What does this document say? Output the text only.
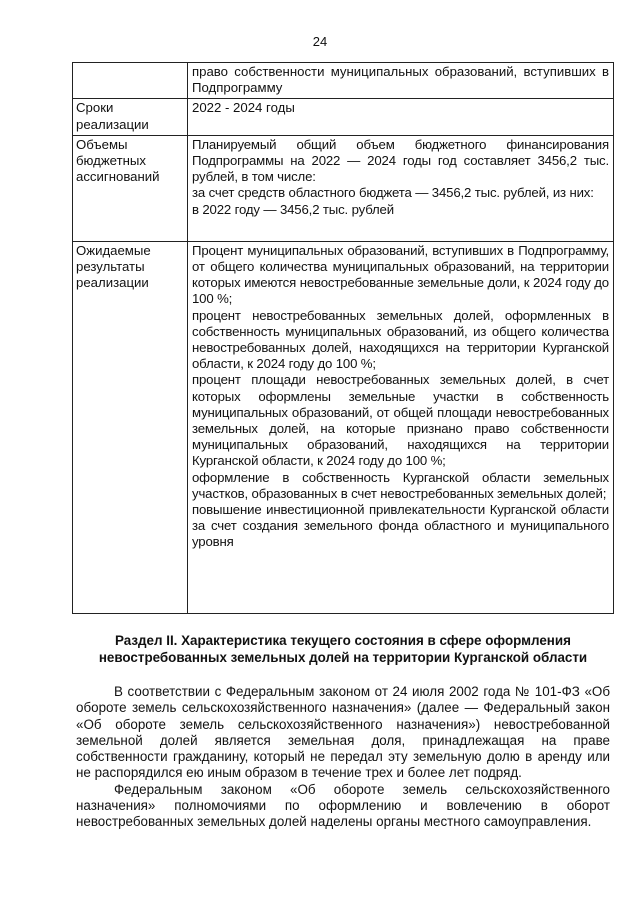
24

	право собственности муниципальных образований, вступивших в Подпрограмму

Сроки реализации	2022 - 2024 годы

Объемы бюджетных ассигнований	Планируемый общий объем бюджетного финансирования Подпрограммы на 2022 — 2024 годы год составляет 3456,2 тыс. рублей, в том числе:
за счет средств областного бюджета — 3456,2 тыс. рублей, из них:
в 2022 году — 3456,2 тыс. рублей

Ожидаемые результаты реализации	Процент муниципальных образований, вступивших в Подпрограмму, от общего количества муниципальных образований, на территории которых имеются невостребованные земельные доли, к 2024 году до 100 %;
процент невостребованных земельных долей, оформленных в собственность муниципальных образований, из общего количества невостребованных долей, находящихся на территории Курганской области, к 2024 году до 100 %;
процент площади невостребованных земельных долей, в счет которых оформлены земельные участки в собственность муниципальных образований, от общей площади невостребованных земельных долей, на которые признано право собственности муниципальных образований, находящихся на территории Курганской области, к 2024 году до 100 %;
оформление в собственность Курганской области земельных участков, образованных в счет невостребованных земельных долей;
повышение инвестиционной привлекательности Курганской области за счет создания земельного фонда областного и муниципального уровня
Раздел II. Характеристика текущего состояния в сфере оформления
невостребованных земельных долей на территории Курганской области

В соответствии с Федеральным законом от 24 июля 2002 года № 101-ФЗ «Об обороте земель сельскохозяйственного назначения» (далее — Федеральный закон «Об обороте земель сельскохозяйственного назначения») невостребованной земельной долей является земельная доля, принадлежащая на праве собственности гражданину, который не передал эту земельную долю в аренду или не распорядился ею иным образом в течение трех и более лет подряд.

Федеральным законом «Об обороте земель сельскохозяйственного назначения» полномочиями по оформлению и вовлечению в оборот невостребованных земельных долей наделены органы местного самоуправления.
